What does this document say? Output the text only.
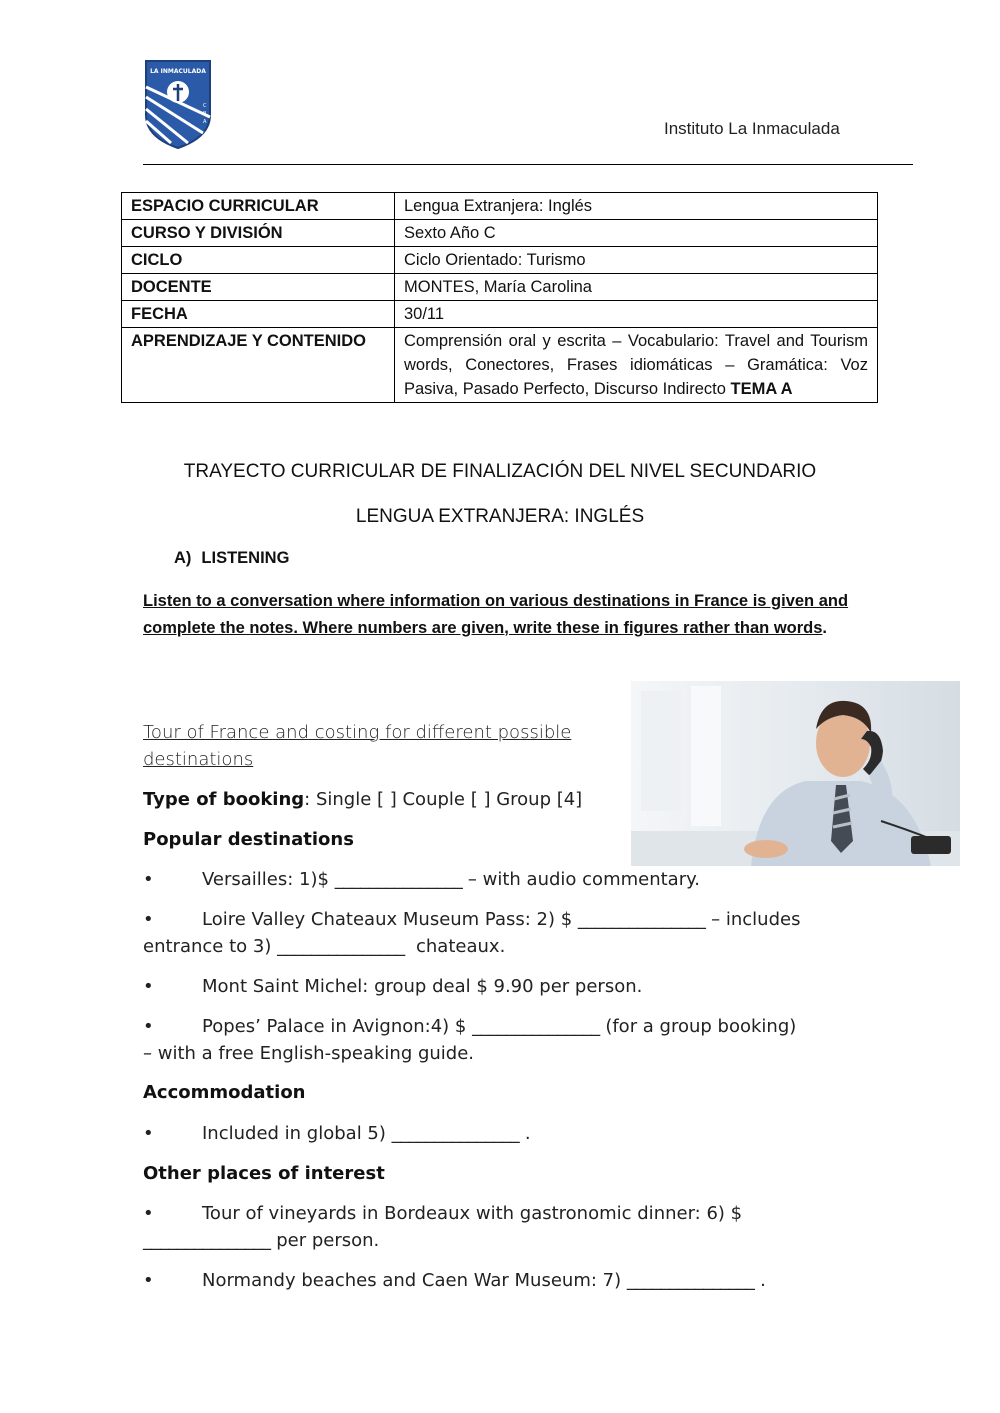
LA INMACULADA
C
B
A	Instituto La Inmaculada
ESPACIO CURRICULAR	Lengua Extranjera: Inglés
CURSO Y DIVISIÓN	Sexto Año C
CICLO	Ciclo Orientado: Turismo
DOCENTE	MONTES, María Carolina
FECHA	30/11
APRENDIZAJE Y CONTENIDO	Comprensión oral y escrita – Vocabulario: Travel and Tourism words, Conectores, Frases idiomáticas – Gramática: Voz Pasiva, Pasado Perfecto, Discurso Indirecto TEMA A
TRAYECTO CURRICULAR DE FINALIZACIÓN DEL NIVEL SECUNDARIO
LENGUA EXTRANJERA: INGLÉS
A) LISTENING
Listen to a conversation where information on various destinations in France is given and complete the notes. Where numbers are given, write these in figures rather than words.
Tour of France and costing for different possible destinations
Type of booking: Single [ ] Couple [ ] Group [4]
Popular destinations
•	Versailles: 1)$ _______________ – with audio commentary.
•	Loire Valley Chateaux Museum Pass: 2) $ _______________ – includes entrance to 3) _______________  chateaux.
•	Mont Saint Michel: group deal $ 9.90 per person.
•	Popes’ Palace in Avignon:4) $ _______________ (for a group booking) – with a free English-speaking guide.
Accommodation
•	Included in global 5) _______________ .
Other places of interest
•	Tour of vineyards in Bordeaux with gastronomic dinner: 6) $ _______________ per person.
•	Normandy beaches and Caen War Museum: 7) _______________ .
